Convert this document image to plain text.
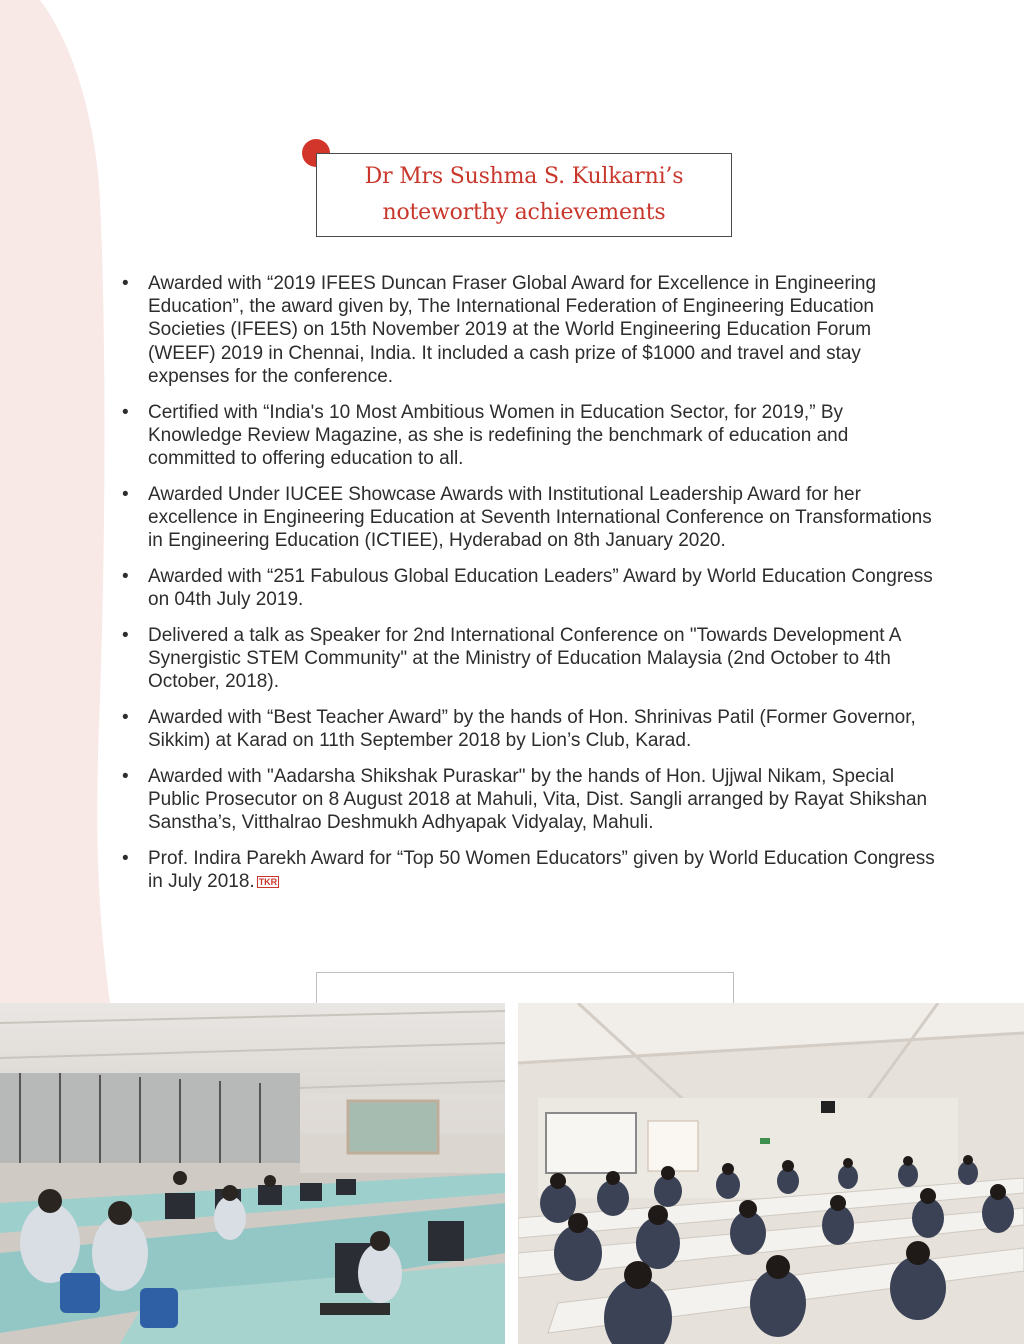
Dr Mrs Sushma S. Kulkarni’s
noteworthy achievements
• Awarded with “2019 IFEES Duncan Fraser Global Award for Excellence in Engineering Education”, the award given by, The International Federation of Engineering Education Societies (IFEES) on 15th November 2019 at the World Engineering Education Forum (WEEF) 2019 in Chennai, India. It included a cash prize of $1000 and travel and stay expenses for the conference.
• Certified with “India's 10 Most Ambitious Women in Education Sector, for 2019,” By Knowledge Review Magazine, as she is redefining the benchmark of education and committed to offering education to all.
• Awarded Under IUCEE Showcase Awards with Institutional Leadership Award for her excellence in Engineering Education at Seventh International Conference on Transformations in Engineering Education (ICTIEE), Hyderabad on 8th January 2020.
• Awarded with “251 Fabulous Global Education Leaders” Award by World Education Congress on 04th July 2019.
• Delivered a talk as Speaker for 2nd International Conference on "Towards Development A Synergistic STEM Community" at the Ministry of Education Malaysia (2nd October to 4th October, 2018).
• Awarded with “Best Teacher Award” by the hands of Hon. Shrinivas Patil (Former Governor, Sikkim) at Karad on 11th September 2018 by Lion’s Club, Karad.
• Awarded with "Aadarsha Shikshak Puraskar" by the hands of Hon. Ujjwal Nikam, Special Public Prosecutor on 8 August 2018 at Mahuli, Vita, Dist. Sangli arranged by Rayat Shikshan Sanstha’s, Vitthalrao Deshmukh Adhyapak Vidyalay, Mahuli.
• Prof. Indira Parekh Award for “Top 50 Women Educators” given by World Education Congress in July 2018. TKR
